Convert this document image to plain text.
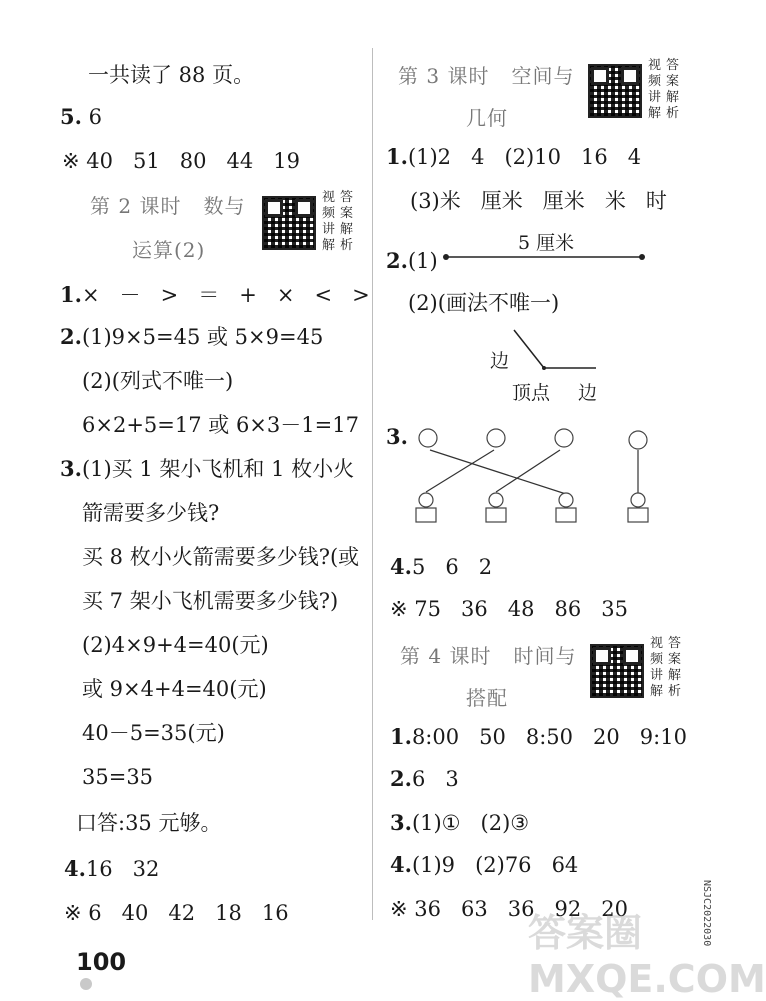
一共读了 88 页。
5. 6
※ 40   51   80   44   19
第 2 课时   数与
运算(2)
视频讲解
答案解析
1.×   －   >   ＝   +   ×   <   >
2.(1)9×5=45 或 5×9=45
(2)(列式不唯一)
6×2+5=17 或 6×3－1=17
3.(1)买 1 架小飞机和 1 枚小火
箭需要多少钱?
买 8 枚小火箭需要多少钱?(或
买 7 架小飞机需要多少钱?)
(2)4×9+4=40(元)
或 9×4+4=40(元)
40－5=35(元)
35=35
口答:35 元够。
4.16   32
※ 6   40   42   18   16
100
第 3 课时   空间与
几何
视频讲解
答案解析
1.(1)2   4   (2)10   16   4
(3)米   厘米   厘米   米   时
2.(1)
5 厘米
(2)(画法不唯一)
边
顶点 边
3.
4.5   6   2
※ 75   36   48   86   35
第 4 课时   时间与
搭配
视频讲解
答案解析
1.8:00   50   8:50   20   9:10
2.6   3
3.(1)①   (2)③
4.(1)9   (2)76   64
※ 36   63   36   92   20	NSJC2022030
答案圈 MXQE.COM
